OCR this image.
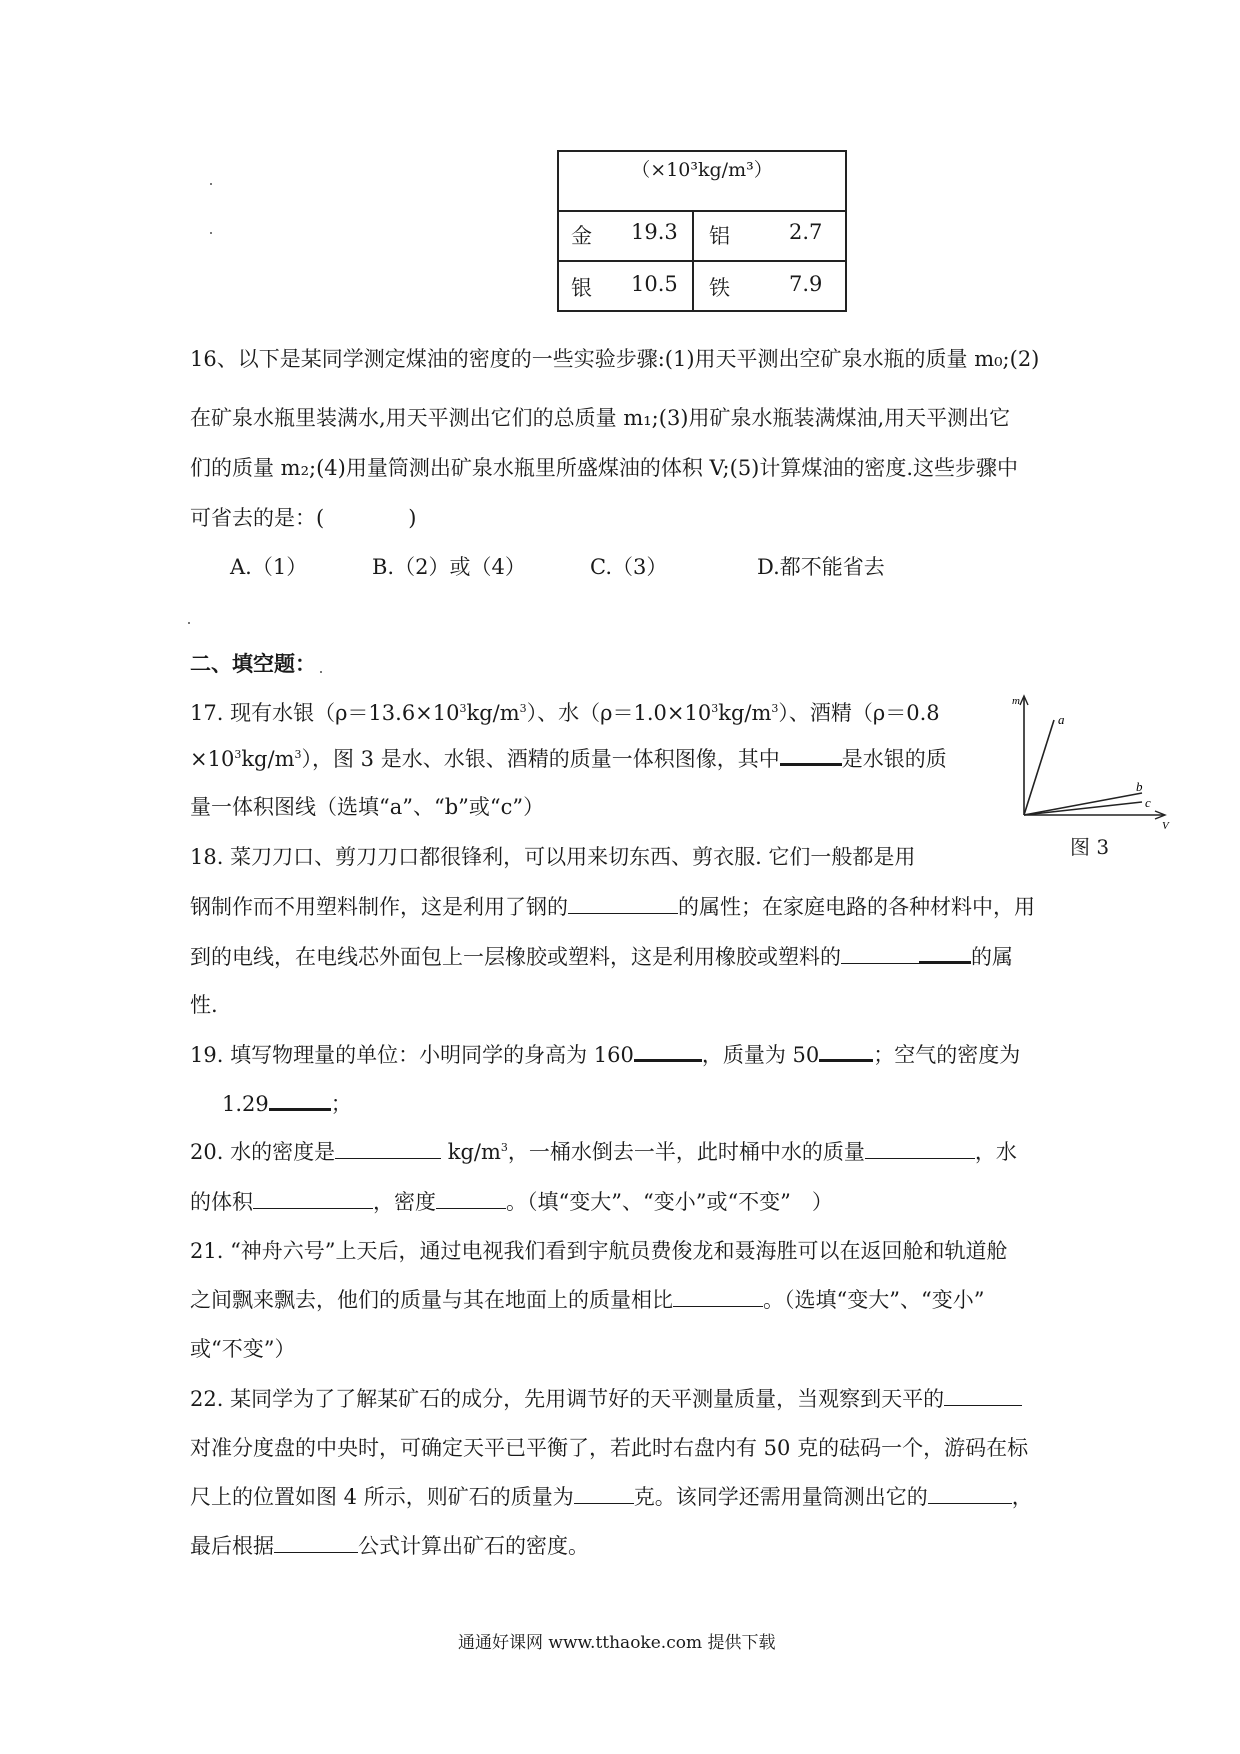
（×10³kg/m³）
金 19.3 铝	2.7
银 10.5 铁	7.9
16、以下是某同学测定煤油的密度的一些实验步骤:(1)用天平测出空矿泉水瓶的质量 m₀;(2)
在矿泉水瓶里装满水,用天平测出它们的总质量 m₁;(3)用矿泉水瓶装满煤油,用天平测出它
们的质量 m₂;(4)用量筒测出矿泉水瓶里所盛煤油的体积 V;(5)计算煤油的密度.这些步骤中
可省去的是：(　　　　)
A.（1）	B.（2）或（4）	C.（3）	D.都不能省去
二、填空题：
17. 现有水银$(\rho=13.6\times 10^3kg/m^3)$、水$(\rho=1.0\times 10^3kg/m^3)$、酒精（ρ＝0.8
$\times 10^3kg/m^3$），图 3 是水、水银、酒精的质量一体积图像，其中	是水银的质
量一体积图线（选填“a”、“b”或“c”）
m
a
b
c
V
图 3
18. 菜刀刀口、剪刀刀口都很锋利，可以用来切东西、剪衣服. 它们一般都是用
钢制作而不用塑料制作，这是利用了钢的	的属性；在家庭电路的各种材料中，用
到的电线，在电线芯外面包上一层橡胶或塑料，这是利用橡胶或塑料的	的属
性.
19. 填写物理量的单位：小明同学的身高为 160	，质量为 50	；空气的密度为
1.29	；
20. 水的密度是	$kg/m^3$，一桶水倒去一半，此时桶中水的质量	，水
的体积	，密度	。（填“变大”、“变小”或“不变”　）
21. “神舟六号”上天后，通过电视我们看到宇航员费俊龙和聂海胜可以在返回舱和轨道舱
之间飘来飘去，他们的质量与其在地面上的质量相比	。（选填“变大”、“变小”
或“不变”）
22. 某同学为了了解某矿石的成分，先用调节好的天平测量质量，当观察到天平的
对准分度盘的中央时，可确定天平已平衡了，若此时右盘内有 50 克的砝码一个，游码在标
尺上的位置如图 4 所示，则矿石的质量为	克。该同学还需用量筒测出它的	，
最后根据	公式计算出矿石的密度。
通通好课网 www.tthaoke.com 提供下载
